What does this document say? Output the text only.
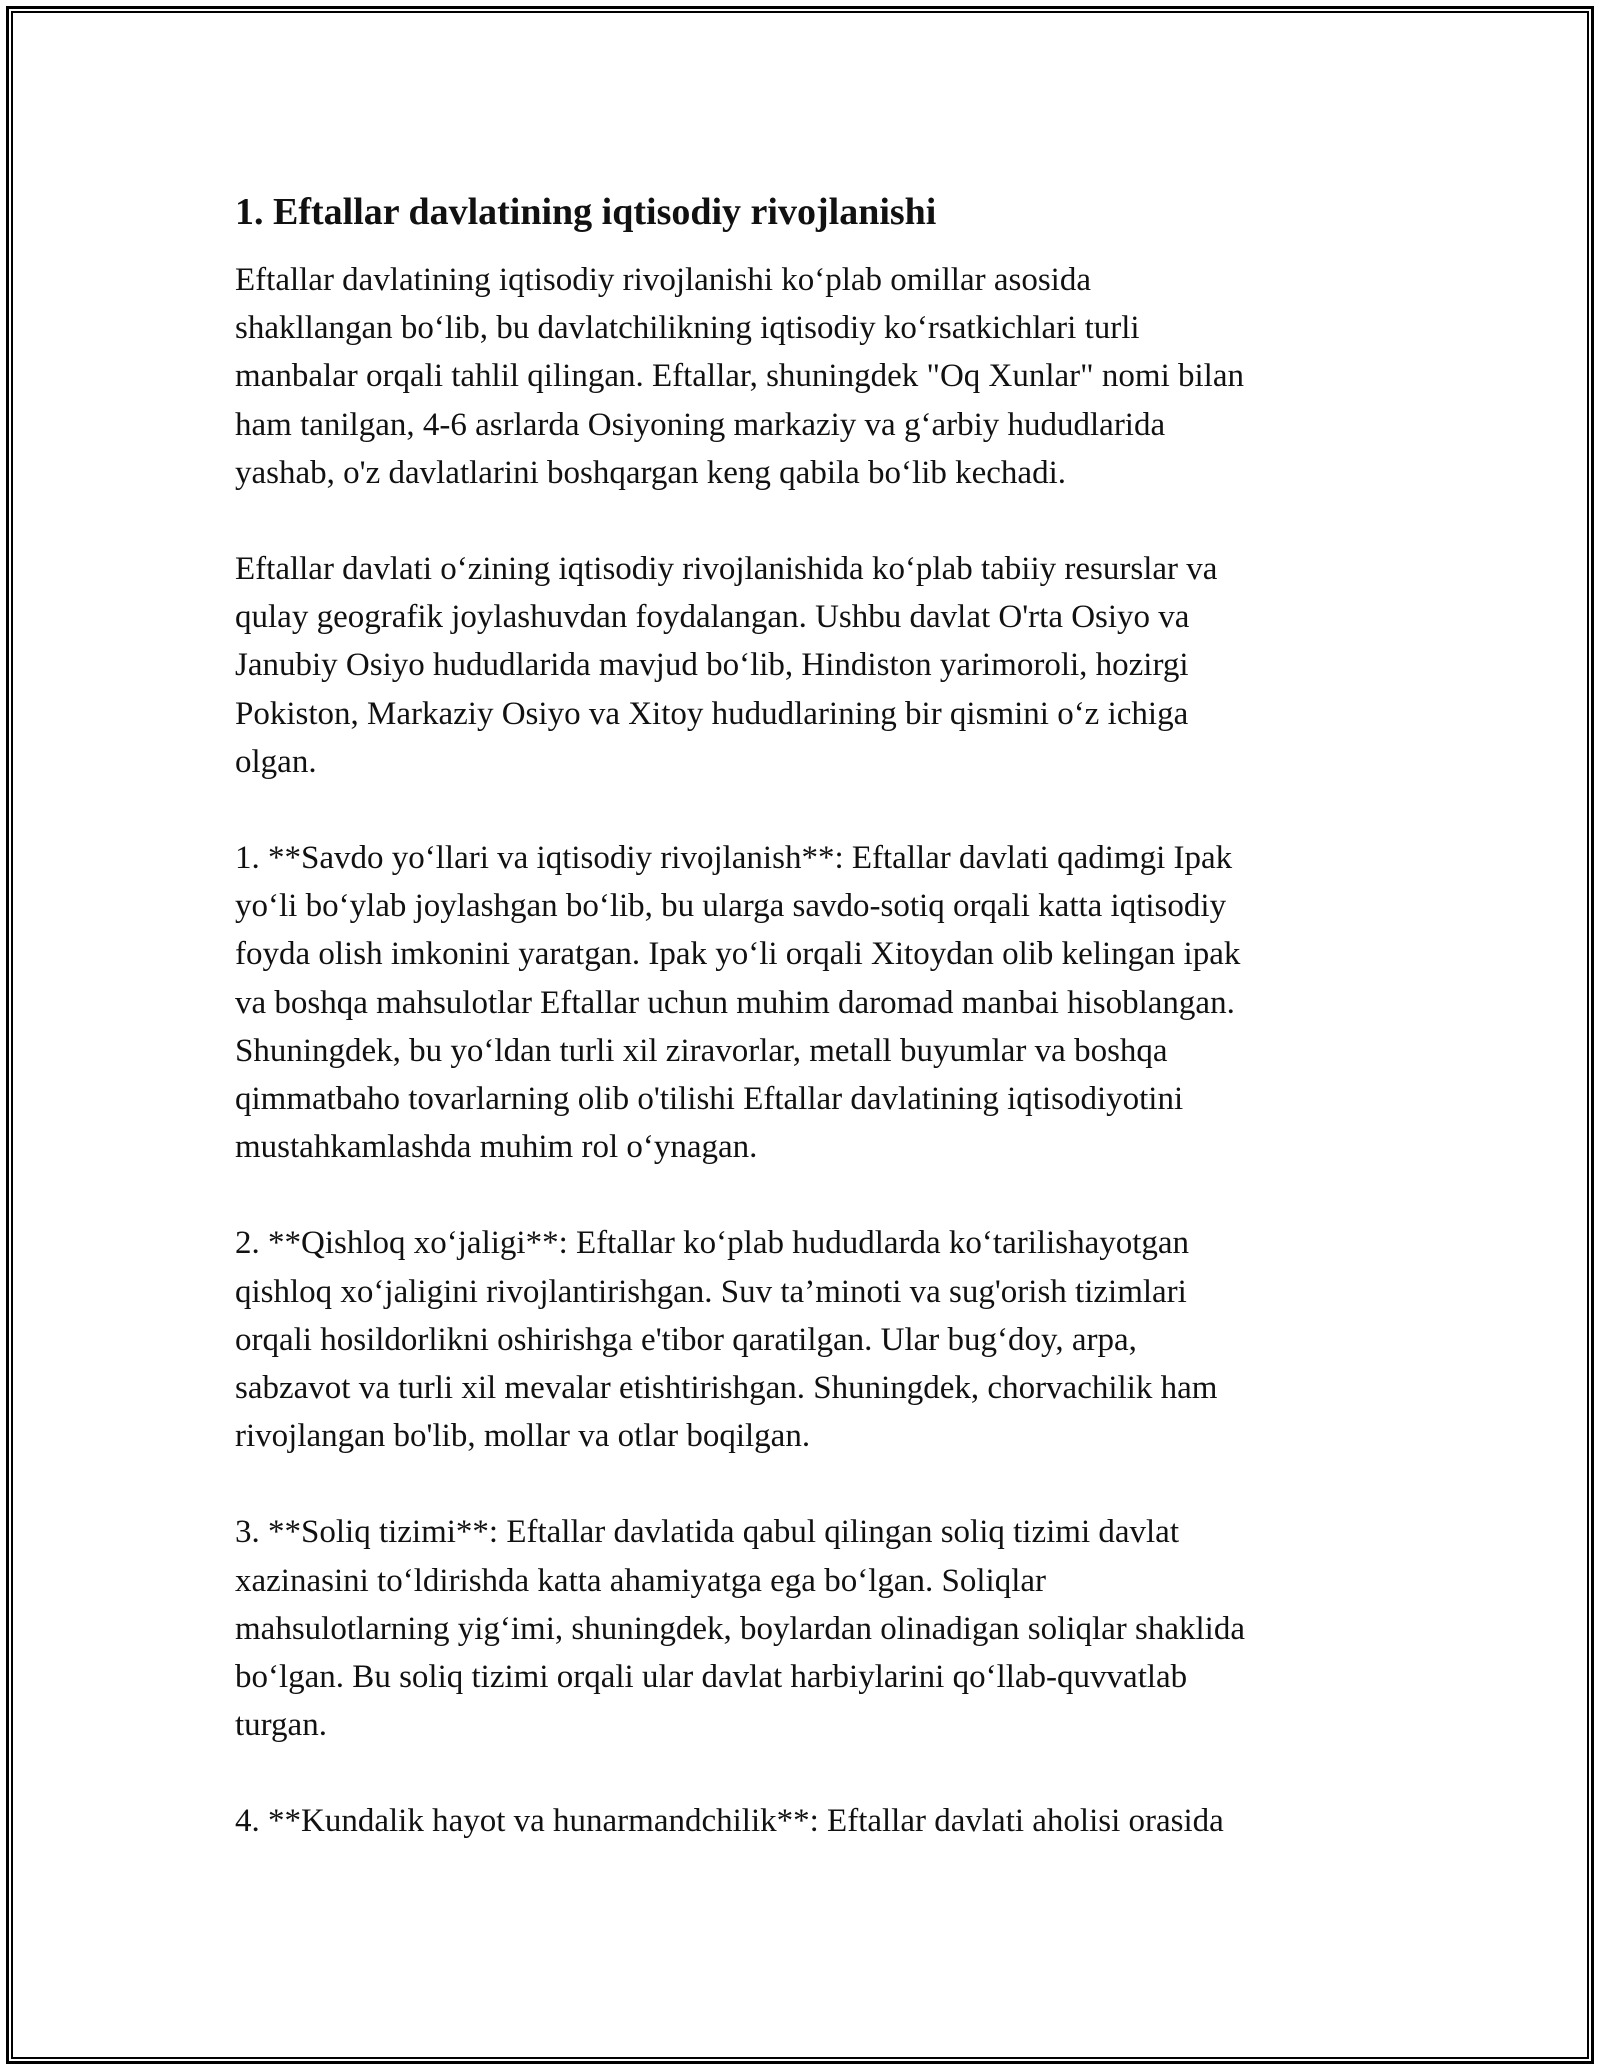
1. Eftallar davlatining iqtisodiy rivojlanishi
Eftallar davlatining iqtisodiy rivojlanishi ko‘plab omillar asosida
shakllangan bo‘lib, bu davlatchilikning iqtisodiy ko‘rsatkichlari turli
manbalar orqali tahlil qilingan. Eftallar, shuningdek "Oq Xunlar" nomi bilan
ham tanilgan, 4-6 asrlarda Osiyoning markaziy va g‘arbiy hududlarida
yashab, o'z davlatlarini boshqargan keng qabila bo‘lib kechadi.
Eftallar davlati o‘zining iqtisodiy rivojlanishida ko‘plab tabiiy resurslar va
qulay geografik joylashuvdan foydalangan. Ushbu davlat O'rta Osiyo va
Janubiy Osiyo hududlarida mavjud bo‘lib, Hindiston yarimoroli, hozirgi
Pokiston, Markaziy Osiyo va Xitoy hududlarining bir qismini o‘z ichiga
olgan.
1. **Savdo yo‘llari va iqtisodiy rivojlanish**: Eftallar davlati qadimgi Ipak
yo‘li bo‘ylab joylashgan bo‘lib, bu ularga savdo-sotiq orqali katta iqtisodiy
foyda olish imkonini yaratgan. Ipak yo‘li orqali Xitoydan olib kelingan ipak
va boshqa mahsulotlar Eftallar uchun muhim daromad manbai hisoblangan.
Shuningdek, bu yo‘ldan turli xil ziravorlar, metall buyumlar va boshqa
qimmatbaho tovarlarning olib o'tilishi Eftallar davlatining iqtisodiyotini
mustahkamlashda muhim rol o‘ynagan.
2. **Qishloq xo‘jaligi**: Eftallar ko‘plab hududlarda ko‘tarilishayotgan
qishloq xo‘jaligini rivojlantirishgan. Suv ta’minoti va sug'orish tizimlari
orqali hosildorlikni oshirishga e'tibor qaratilgan. Ular bug‘doy, arpa,
sabzavot va turli xil mevalar etishtirishgan. Shuningdek, chorvachilik ham
rivojlangan bo'lib, mollar va otlar boqilgan.
3. **Soliq tizimi**: Eftallar davlatida qabul qilingan soliq tizimi davlat
xazinasini to‘ldirishda katta ahamiyatga ega bo‘lgan. Soliqlar
mahsulotlarning yig‘imi, shuningdek, boylardan olinadigan soliqlar shaklida
bo‘lgan. Bu soliq tizimi orqali ular davlat harbiylarini qo‘llab-quvvatlab
turgan.
4. **Kundalik hayot va hunarmandchilik**: Eftallar davlati aholisi orasida
